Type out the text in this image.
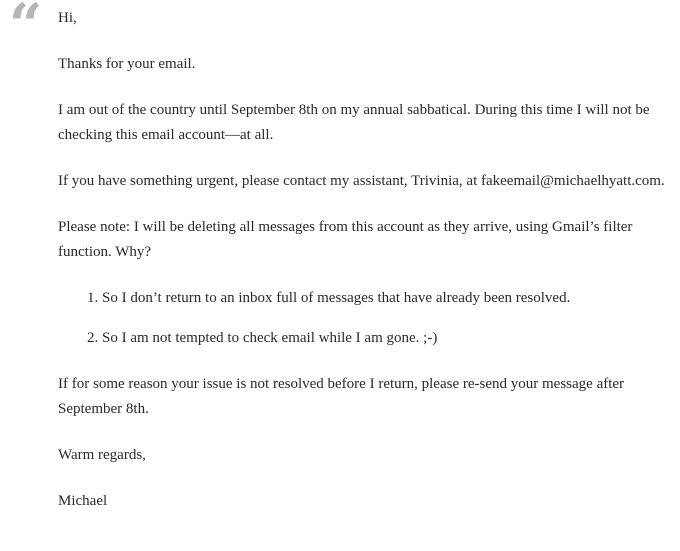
“ Hi,

Thanks for your email.

I am out of the country until September 8th on my annual sabbatical. During this time I will not be checking this email account—at all.

If you have something urgent, please contact my assistant, Trivinia, at fakeemail@michaelhyatt.com.

Please note: I will be deleting all messages from this account as they arrive, using Gmail’s filter function. Why?

1. So I don’t return to an inbox full of messages that have already been resolved.
2. So I am not tempted to check email while I am gone. ;-)

If for some reason your issue is not resolved before I return, please re-send your message after September 8th.

Warm regards,

Michael
